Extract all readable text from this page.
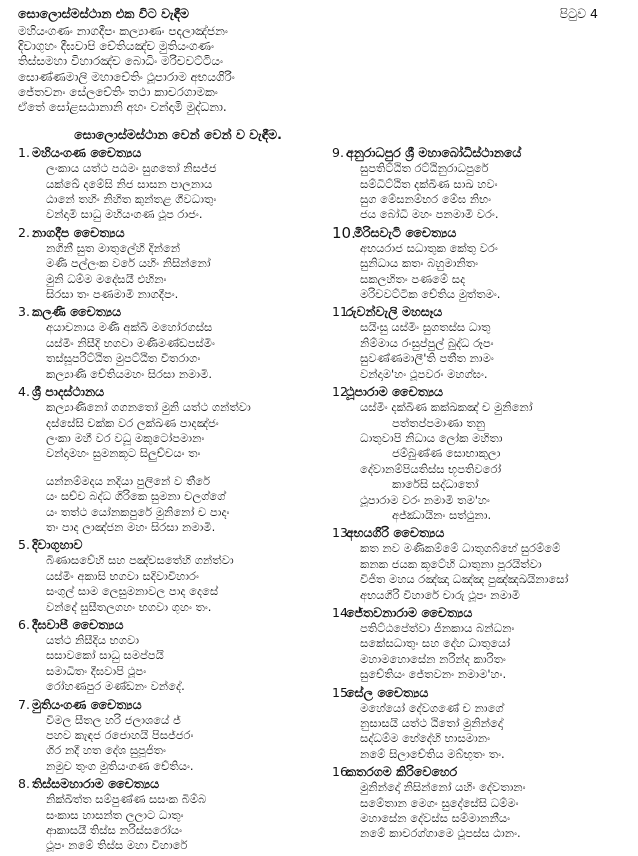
සොලොස්මස්ථාන එක විට වැඳීම	පිටුව 4
මහියංගණං නාගදීපං කල්‍යාණං පදලාඤ්ජනං
දිවාගුහං දීඝවාපි චේතියඤ්ච මුතියංගණං
තිස්සමහා විහාරඤ්ච බොධිං මරිචවට්ටියං
සොණ්ණමාලි මහාචේතිං ථූපාරාම අභයගිරිං
ජේතවනං සේලචේතිං තථා කාචරගාමකං
ඒතේ සෝළසඨානානි අහං වන්දාමි මුද්ධනා.
සොලොස්මස්ථාන වෙන් වෙන් ව වැඳීම.
1. මහියංගණ චෛත්‍යය
ලංකාය යත්ථ පඨමං සුගතෝ නිසජ්ජ
යක්ඛේ දමේසි නිජ සාසන පාලනාය
ඨානේ තහිං නිහිත කුන්තළ ගීවධාතුං
වන්දාමි සාධු මහියංගණ ථූප රාජං.
2. නාගදීප චෛත්‍යය
නගිනී සුත මාතුලේහි දින්නේ
මණි පල්ලංක වරේ යහිං නිසින්නෝ
මුනි ධම්ම මදේසයී එහිනං
සිරසා තං පණමාමි නාගදීපං.
3. කලණි චෛත්‍යය
අයාචනාය මණි අක්ඛි මහෝරගස්ස
යස්මිං නිසීදි භගවා මණිමණ්ඩපස්මිං
තස්සූපරිට්ඨිත මුපට්ඨිත වීතරාගං
කල්‍යාණි චේතියමහං සිරසා නමාමි.
4. ශ්‍රී පාදස්ථානය
කල්‍යාණිනෝ ගගනතෝ මුනි යත්ථ ගන්ත්වා
දස්සේසි චක්ක වර ලක්ඛණ පාදඤ්ජං
ලංකා මහී වර වධූ මකුටෝපමානං
වන්දාමහං සුමනකූට සිලුච්චයං තං
යන්නම්මදය නදියා පුලිනේ ව තීරේ
යං සච්ච බද්ධ ගිරිකෙ සුමනා චලග්ගේ
යං තත්ථ යෝනකපුරේ මුනිනෝ ච පාදං
තං පාද ලාඤ්ජන මහං සිරසා නමාමි.
5. දිවාගුහාව
බිණාසවේහි සහ පඤ්චසතේහි ගන්ත්වා
යස්මිං අකාසි භගවා සදිවාවිහාරං
සංගුල් සාම ලෙසුමනාවල පාද දෙසේ
වන්දේ සුසීතලගහං භගවා ගුහං තං.
6. දීඝවාපී චෛත්‍යය
යත්ථ නිසීදිය භගවා
සසාවකෝ සාධු සමප්පයි
සමාධිතං දීඝවාපි ථූපං
රෝහණපුර මණ්ඩනං වන්දේ.
7. මුතියංගණ චෛත්‍යය
විමල සීතල හරි ජලාශයේ ජ්
පහව කැඳජ රජොහයි පිසජ්ජරං
ගිර නදී හත දේශ සුපූජිතං
නමුච තුංග මුතියංගණ චේතියං.
8. තිස්සමහාරාම චෛත්‍යය
නික්ඛිත්ත සම්පුණ්ණ සසංක බිම්බ
සංකාස හාසන්ත ලලාට ධාතුං
ආකාසයී තිස්ස නරිස්සරෝයං
ථූපං නමේ තිස්ස මහා විහාරේ
9. අනුරාධපුර ශ්‍රී මහාබෝධිස්ථානයේ
සුපතිට්ඨිත රට්ඨිනුරාධපුරේ
සම්ධිට්ඨිත දක්ඛිණ සාඛ හවං
සුග මේසනම්භර මේඝ නිභං
ජය බෝධි මහං පනමාමි වරං.
10.
මිරිසවැටි චෛත්‍යය
අභයරාජ සධාතුක කේතු වරං
සුනිධාය කතං බහුමානිතං
සකලහිතං පණමේ සද
මරිචවට්ටික චේතිය මුත්තමං.
11.
රුවන්වැලි මහසෑය
සයිංසු යස්මිං සුගතස්ස ධාතු
නිම්මාය රංසුප්පුල් බුද්ධ රූපං
සුවණ්ණමාලී'ති පතීත නාමං
වන්දාම'හං ථූපවරං මහග්ඝං.
12.
ථූපාරාම චෛත්‍යය
යස්මිං දක්ඛිණ කක්ඛකඤ් ච මුනිනෝ
පත්තප්පමාණා තනු
ධාතුවාපි නිධාය ලෝක මහිතා
ජම්බුණ්ණ සොභාකුලා
දේවානම්පියතිස්ස භූපතිවරෝ
කාරේසි සද්ධාතෝ
ථූපාරාම වරං නමාමි තම'හං
අජ්ඣායිනං සත්ථුනා.
13.
අභයගිරි චෛත්‍යය
කත නව මණිකම්මේ ධාතුගබ්භේ සුරම්මේ
කනක ජයක කූටේහි ධාතුනා පූරයිත්වා
විජිත මහය රඤ්ඤා ධඤ්ඤ පුඤ්ඤඛයිනාසෝ
අභයගිරි විහාරේ චාරු ථූපං නමාමි
14.
ජේතවනාරාම චෛත්‍යය
පතිට්ඨපේත්වා ජිනකාය බන්ධනං
සකේසධාතුං සහ දේහ ධාතුයෝ
මහාමහොසේන නරින්ද කාරිතං
සුචේතියං ජේතවනං නමාම'හං.
15.
සේල චෛත්‍යය
මහේයෝ දේවගණේ ච නාගේ
නුසාසයි යත්ථ ඨිතෝ මුනින්දෝ
සද්ධම්ම භේදේහි භාසමානං
නමේ සිලාචේතිය මබ්භුතං තං.
16.
කතරගම කිරිවෙහෙර
මුනින්දෝ නිසින්නෝ යහිං දේවතානං
සමේතාන මෙගං සුදේසේසි ධම්මං
මහාසේන දේවස්ස සම්මානනීයං
නමේ කාචරග්ගාමෙ ථූපස්ස ඨානං.
